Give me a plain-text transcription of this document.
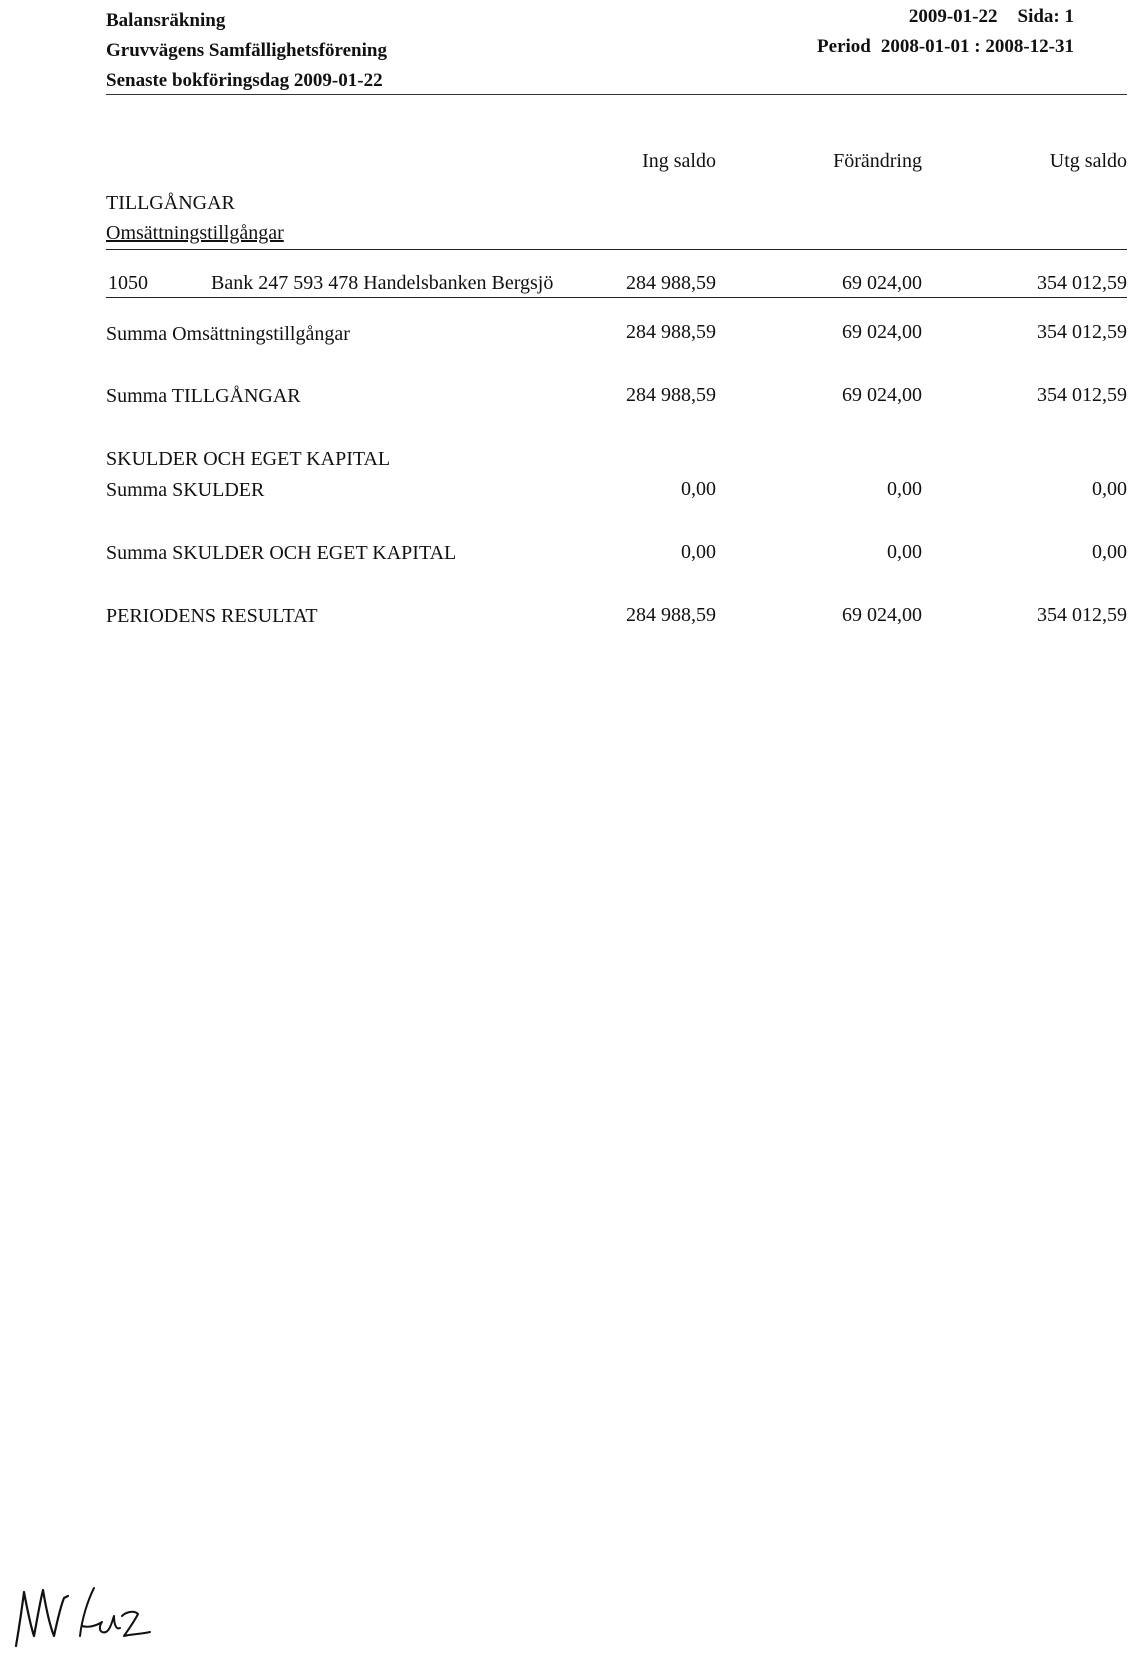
Balansräkning
Gruvvägens Samfällighetsförening
Senaste bokföringsdag 2009-01-22
2009-01-22 Sida: 1
Period 2008-01-01 : 2008-12-31
Ing saldo	Förändring	Utg saldo
TILLGÅNGAR
Omsättningstillgångar
1050	Bank 247 593 478 Handelsbanken Bergsjö	284 988,59	69 024,00	354 012,59
Summa Omsättningstillgångar	284 988,59	69 024,00	354 012,59
Summa TILLGÅNGAR	284 988,59	69 024,00	354 012,59
SKULDER OCH EGET KAPITAL
Summa SKULDER	0,00	0,00	0,00
Summa SKULDER OCH EGET KAPITAL	0,00	0,00	0,00
PERIODENS RESULTAT	284 988,59	69 024,00	354 012,59
